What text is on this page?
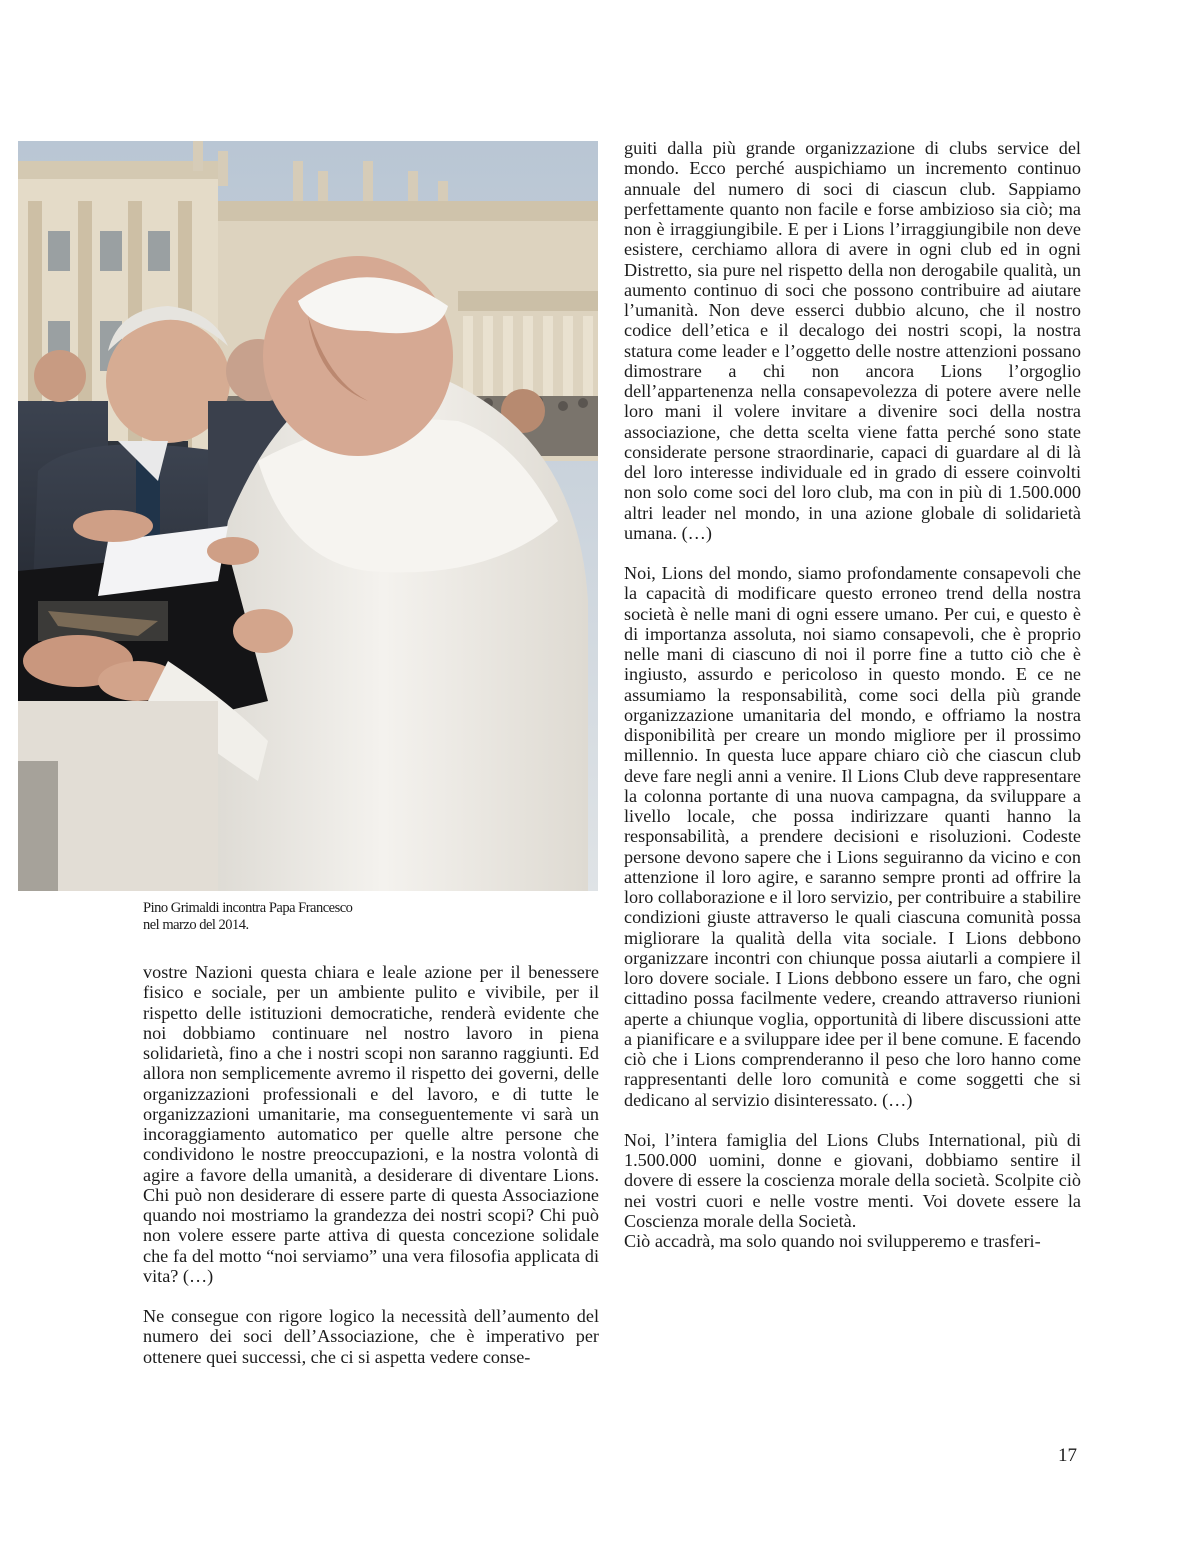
Pino Grimaldi incontra Papa Francesco
nel marzo del 2014.

vostre Nazioni questa chiara e leale azione per il benessere fisico e sociale, per un ambiente pulito e vivibile, per il rispetto delle istituzioni democratiche, renderà evidente che noi dobbiamo continuare nel nostro lavoro in piena solidarietà, fino a che i nostri scopi non saranno raggiunti. Ed allora non semplicemente avremo il rispetto dei governi, delle organizzazioni professionali e del lavoro, e di tutte le organizzazioni umanitarie, ma conseguentemente vi sarà un incoraggiamento automatico per quelle altre persone che condividono le nostre preoccupazioni, e la nostra volontà di agire a favore della umanità, a desiderare di diventare Lions. Chi può non desiderare di essere parte di questa Associazione quando noi mostriamo la grandezza dei nostri scopi? Chi può non volere essere parte attiva di questa concezione solidale che fa del motto “noi serviamo” una vera filosofia applicata di vita? (…)

Ne consegue con rigore logico la necessità dell’aumento del numero dei soci dell’Associazione, che è imperativo per ottenere quei successi, che ci si aspetta vedere conse-

guiti dalla più grande organizzazione di clubs service del mondo. Ecco perché auspichiamo un incremento continuo annuale del numero di soci di ciascun club. Sappiamo perfettamente quanto non facile e forse ambizioso sia ciò; ma non è irraggiungibile. E per i Lions l’irraggiungibile non deve esistere, cerchiamo allora di avere in ogni club ed in ogni Distretto, sia pure nel rispetto della non derogabile qualità, un aumento continuo di soci che possono contribuire ad aiutare l’umanità. Non deve esserci dubbio alcuno, che il nostro codice dell’etica e il decalogo dei nostri scopi, la nostra statura come leader e l’oggetto delle nostre attenzioni possano dimostrare a chi non ancora Lions l’orgoglio dell’appartenenza nella consapevolezza di potere avere nelle loro mani il volere invitare a divenire soci della nostra associazione, che detta scelta viene fatta perché sono state considerate persone straordinarie, capaci di guardare al di là del loro interesse individuale ed in grado di essere coinvolti non solo come soci del loro club, ma con in più di 1.500.000 altri leader nel mondo, in una azione globale di solidarietà umana. (…)

Noi, Lions del mondo, siamo profondamente consapevoli che la capacità di modificare questo erroneo trend della nostra società è nelle mani di ogni essere umano. Per cui, e questo è di importanza assoluta, noi siamo consapevoli, che è proprio nelle mani di ciascuno di noi il porre fine a tutto ciò che è ingiusto, assurdo e pericoloso in questo mondo. E ce ne assumiamo la responsabilità, come soci della più grande organizzazione umanitaria del mondo, e offriamo la nostra disponibilità per creare un mondo migliore per il prossimo millennio. In questa luce appare chiaro ciò che ciascun club deve fare negli anni a venire. Il Lions Club deve rappresentare la colonna portante di una nuova campagna, da sviluppare a livello locale, che possa indirizzare quanti hanno la responsabilità, a prendere decisioni e risoluzioni. Codeste persone devono sapere che i Lions seguiranno da vicino e con attenzione il loro agire, e saranno sempre pronti ad offrire la loro collaborazione e il loro servizio, per contribuire a stabilire condizioni giuste attraverso le quali ciascuna comunità possa migliorare la qualità della vita sociale. I Lions debbono organizzare incontri con chiunque possa aiutarli a compiere il loro dovere sociale. I Lions debbono essere un faro, che ogni cittadino possa facilmente vedere, creando attraverso riunioni aperte a chiunque voglia, opportunità di libere discussioni atte a pianificare e a sviluppare idee per il bene comune. E facendo ciò che i Lions comprenderanno il peso che loro hanno come rappresentanti delle loro comunità e come soggetti che si dedicano al servizio disinteressato. (…)

Noi, l’intera famiglia del Lions Clubs International, più di 1.500.000 uomini, donne e giovani, dobbiamo sentire il dovere di essere la coscienza morale della società. Scolpite ciò nei vostri cuori e nelle vostre menti. Voi dovete essere la Coscienza morale della Società.

Ciò accadrà, ma solo quando noi svilupperemo e trasferi-

17
